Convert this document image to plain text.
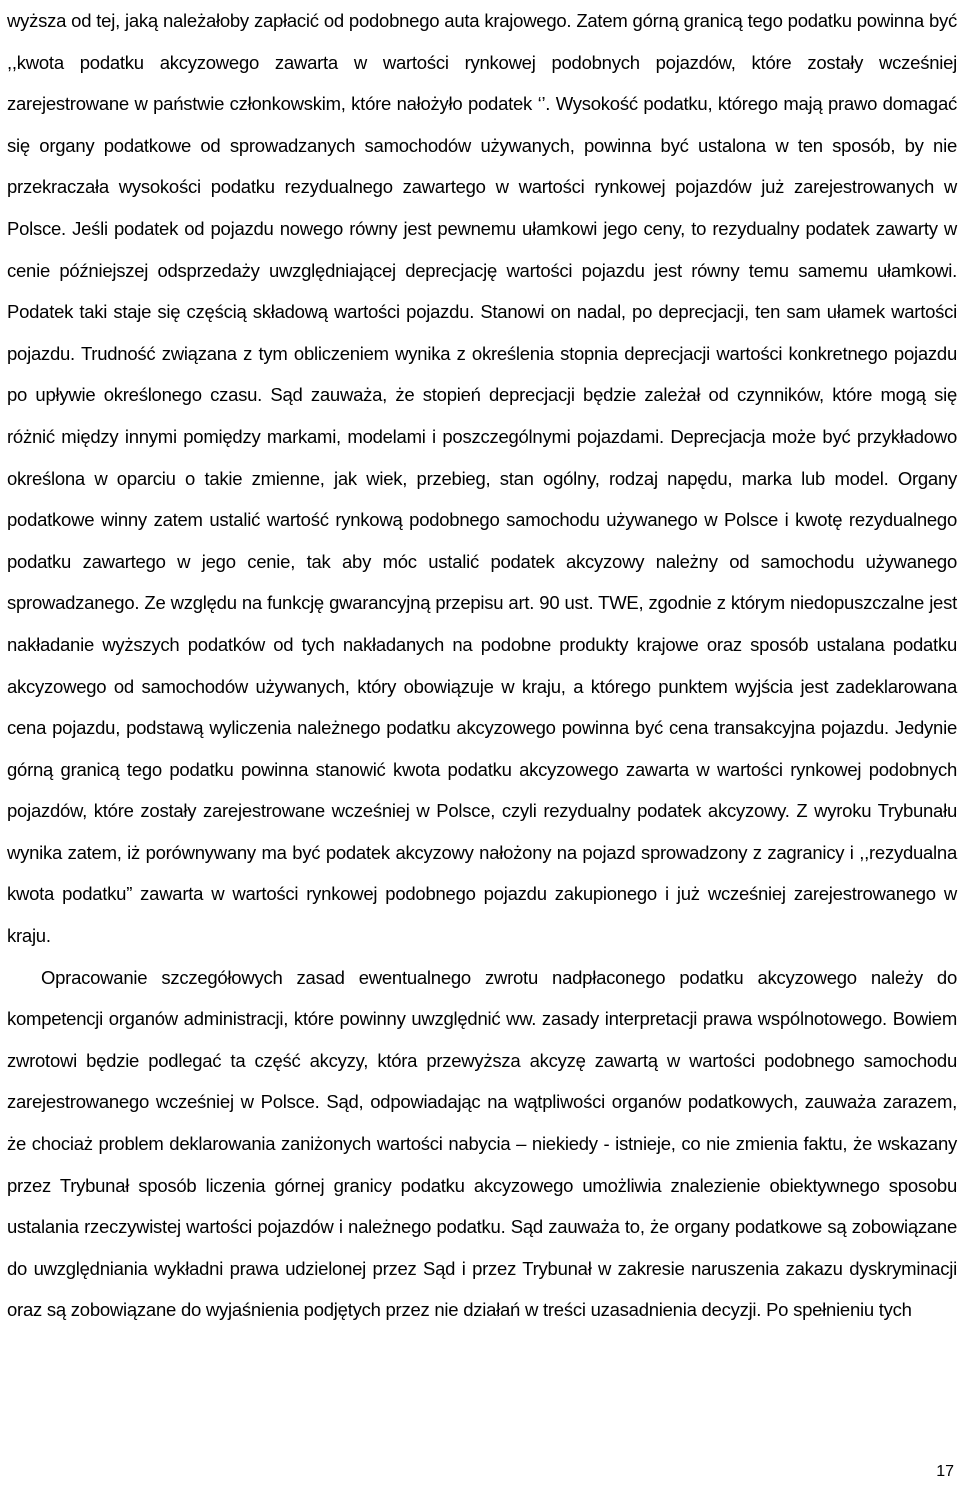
wyższa od tej, jaką należałoby zapłacić od podobnego auta krajowego. Zatem górną granicą tego podatku powinna być ,,kwota podatku akcyzowego zawarta w wartości rynkowej podobnych pojazdów, które zostały wcześniej zarejestrowane w państwie członkowskim, które nałożyło podatek ‘’. Wysokość podatku, którego mają prawo domagać się organy podatkowe od sprowadzanych samochodów używanych, powinna być ustalona w ten sposób, by nie przekraczała wysokości podatku rezydualnego zawartego w wartości rynkowej pojazdów już zarejestrowanych w Polsce. Jeśli podatek od pojazdu nowego równy jest pewnemu ułamkowi jego ceny, to rezydualny podatek zawarty w cenie późniejszej odsprzedaży uwzględniającej deprecjację wartości pojazdu jest równy temu samemu ułamkowi. Podatek taki staje się częścią składową wartości pojazdu. Stanowi on nadal, po deprecjacji, ten sam ułamek wartości pojazdu. Trudność związana z tym obliczeniem wynika z określenia stopnia deprecjacji wartości konkretnego pojazdu po upływie określonego czasu. Sąd zauważa, że stopień deprecjacji będzie zależał od czynników, które mogą się różnić między innymi pomiędzy markami, modelami i poszczególnymi pojazdami. Deprecjacja może być przykładowo określona w oparciu o takie zmienne, jak wiek, przebieg, stan ogólny, rodzaj napędu, marka lub model. Organy podatkowe winny zatem ustalić wartość rynkową podobnego samochodu używanego w Polsce i kwotę rezydualnego podatku zawartego w jego cenie, tak aby móc ustalić podatek akcyzowy należny od samochodu używanego sprowadzanego. Ze względu na funkcję gwarancyjną przepisu art. 90 ust. TWE, zgodnie z którym niedopuszczalne jest nakładanie wyższych podatków od tych nakładanych na podobne produkty krajowe oraz sposób ustalana podatku akcyzowego od samochodów używanych, który obowiązuje w kraju, a którego punktem wyjścia jest zadeklarowana cena pojazdu, podstawą wyliczenia należnego podatku akcyzowego powinna być cena transakcyjna pojazdu. Jedynie górną granicą tego podatku powinna stanowić kwota podatku akcyzowego zawarta w wartości rynkowej podobnych pojazdów, które zostały zarejestrowane wcześniej w Polsce, czyli rezydualny podatek akcyzowy. Z wyroku Trybunału wynika zatem, iż porównywany ma być podatek akcyzowy nałożony na pojazd sprowadzony z zagranicy i ,,rezydualna kwota podatku” zawarta w wartości rynkowej podobnego pojazdu zakupionego i już wcześniej zarejestrowanego w kraju.

Opracowanie szczegółowych zasad ewentualnego zwrotu nadpłaconego podatku akcyzowego należy do kompetencji organów administracji, które powinny uwzględnić ww. zasady interpretacji prawa wspólnotowego. Bowiem zwrotowi będzie podlegać ta część akcyzy, która przewyższa akcyzę zawartą w wartości podobnego samochodu zarejestrowanego wcześniej w Polsce. Sąd, odpowiadając na wątpliwości organów podatkowych, zauważa zarazem, że chociaż problem deklarowania zaniżonych wartości nabycia – niekiedy - istnieje, co nie zmienia faktu, że wskazany przez Trybunał sposób liczenia górnej granicy podatku akcyzowego umożliwia znalezienie obiektywnego sposobu ustalania rzeczywistej wartości pojazdów i należnego podatku. Sąd zauważa to, że organy podatkowe są zobowiązane do uwzględniania wykładni prawa udzielonej przez Sąd i przez Trybunał w zakresie naruszenia zakazu dyskryminacji oraz są zobowiązane do wyjaśnienia podjętych przez nie działań w treści uzasadnienia decyzji. Po spełnieniu tych

17
